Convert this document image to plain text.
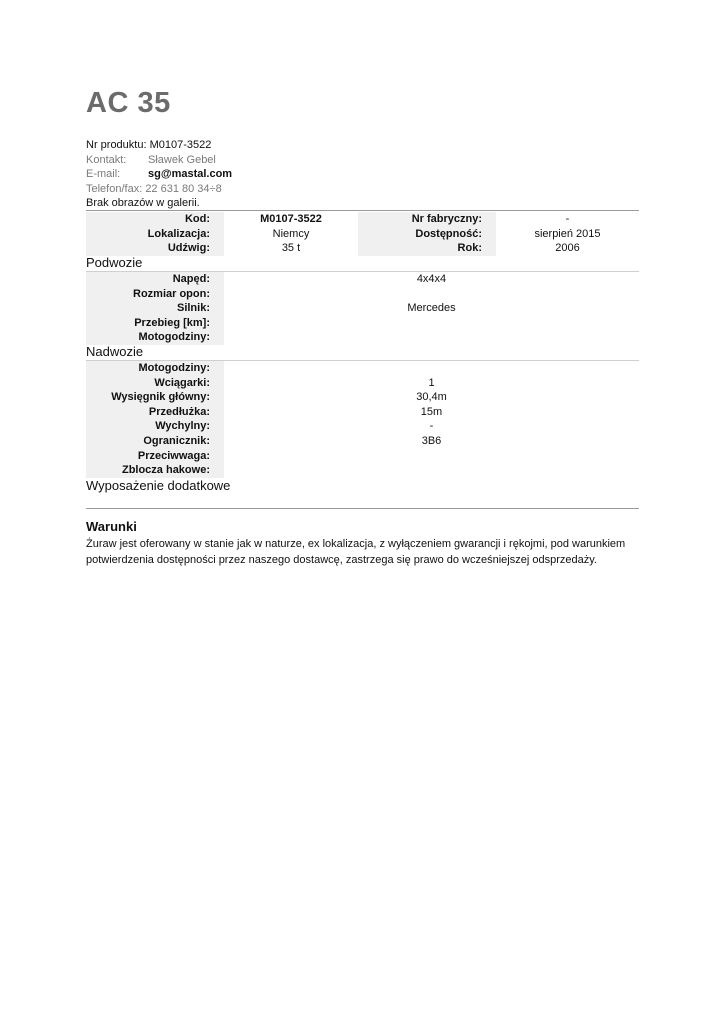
AC 35
Nr produktu: M0107-3522
Kontakt: Sławek Gebel
E-mail:	sg@mastal.com
Telefon/fax: 22 631 80 34÷8
Brak obrazów w galerii.
Kod:	M0107-3522	Nr fabryczny:	-
Lokalizacja:	Niemcy	Dostępność:	sierpień 2015
Udźwig:	35 t	Rok:	2006
Podwozie
Napęd:	4x4x4
Rozmiar opon:	
Silnik:	Mercedes
Przebieg [km]:	
Motogodziny:	
Nadwozie
Motogodziny:	
Wciągarki:	1
Wysięgnik główny:	30,4m
Przedłużka:	15m
Wychylny:	-
Ogranicznik:	3B6
Przeciwwaga:	
Zblocza hakowe:	
Wyposażenie dodatkowe
Warunki
Żuraw jest oferowany w stanie jak w naturze, ex lokalizacja, z wyłączeniem gwarancji i rękojmi, pod warunkiem potwierdzenia dostępności przez naszego dostawcę, zastrzega się prawo do wcześniejszej odsprzedaży.
